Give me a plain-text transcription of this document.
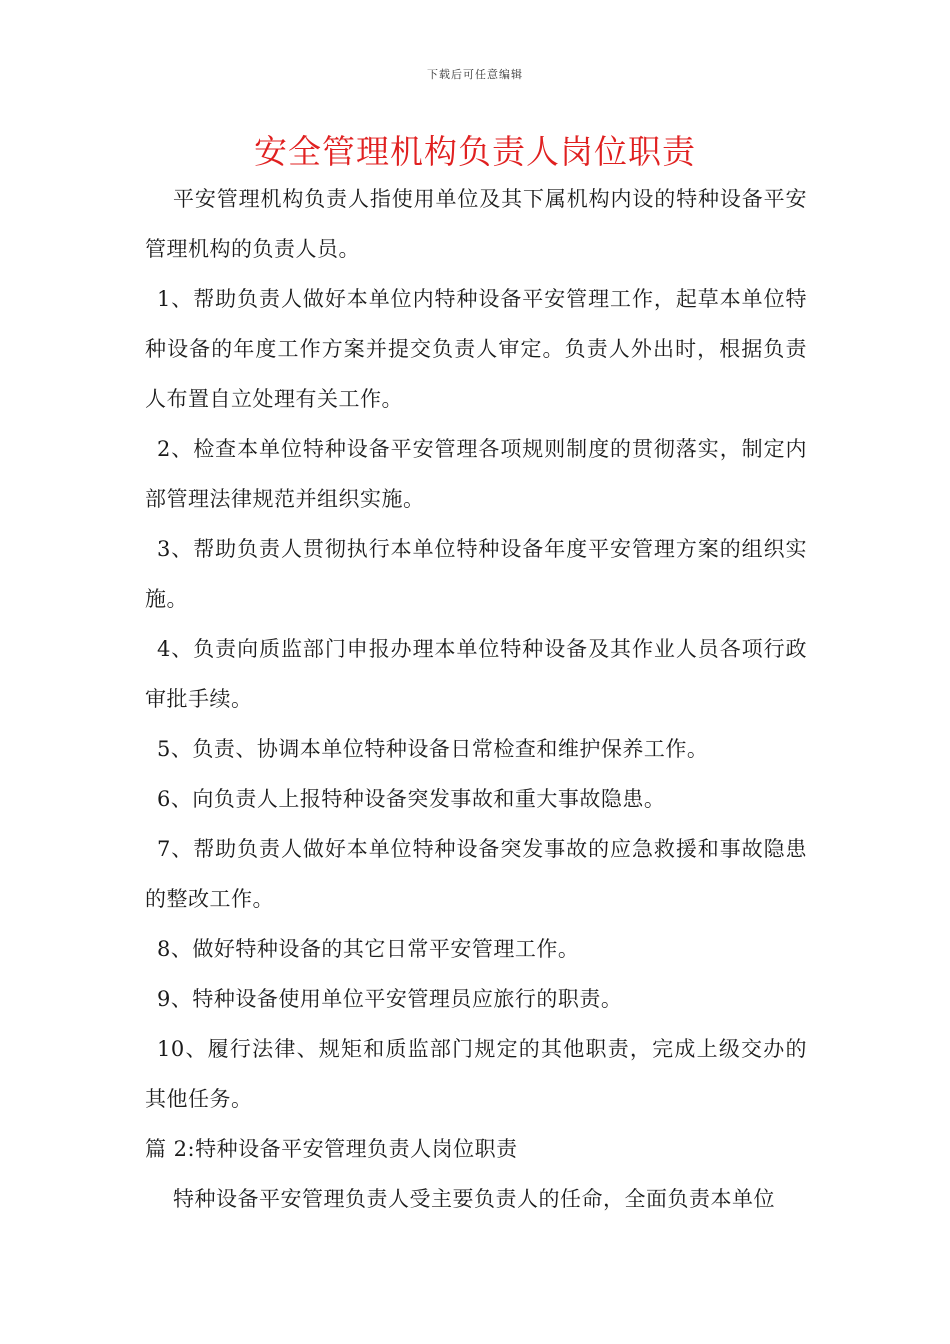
下载后可任意编辑
安全管理机构负责人岗位职责

平安管理机构负责人指使用单位及其下属机构内设的特种设备平安管理机构的负责人员。

1、帮助负责人做好本单位内特种设备平安管理工作，起草本单位特种设备的年度工作方案并提交负责人审定。负责人外出时，根据负责人布置自立处理有关工作。

2、检查本单位特种设备平安管理各项规则制度的贯彻落实，制定内部管理法律规范并组织实施。

3、帮助负责人贯彻执行本单位特种设备年度平安管理方案的组织实施。

4、负责向质监部门申报办理本单位特种设备及其作业人员各项行政审批手续。

5、负责、协调本单位特种设备日常检查和维护保养工作。

6、向负责人上报特种设备突发事故和重大事故隐患。

7、帮助负责人做好本单位特种设备突发事故的应急救援和事故隐患的整改工作。

8、做好特种设备的其它日常平安管理工作。

9、特种设备使用单位平安管理员应旅行的职责。

10、履行法律、规矩和质监部门规定的其他职责，完成上级交办的其他任务。

篇 2:特种设备平安管理负责人岗位职责

特种设备平安管理负责人受主要负责人的任命，全面负责本单位
